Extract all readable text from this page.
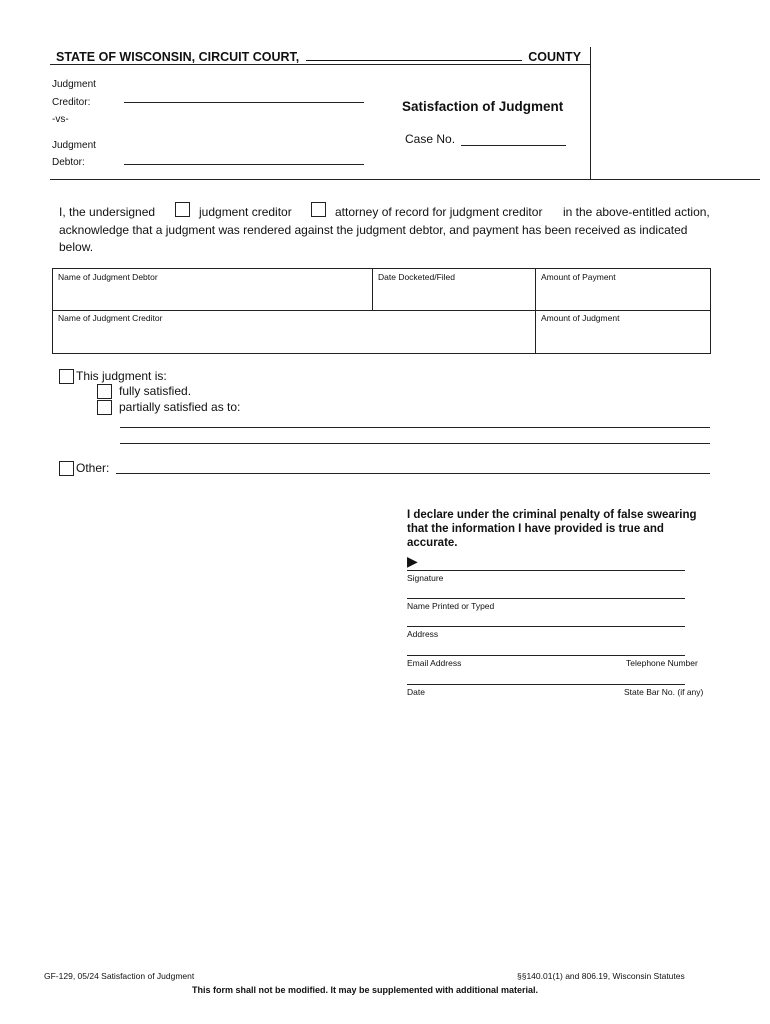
STATE OF WISCONSIN, CIRCUIT COURT,	COUNTY
Judgment
Creditor:
-vs-
Judgment
Debtor:
Satisfaction of Judgment
Case No.
I, the undersigned	judgment creditor	attorney of record for judgment creditor in the above-entitled action,
acknowledge that a judgment was rendered against the judgment debtor, and payment has been received as indicated
below.
Name of Judgment Debtor	Date Docketed/Filed	Amount of Payment
Name of Judgment Creditor	Amount of Judgment
This judgment is:
fully satisfied.
partially satisfied as to:
Other:
I declare under the criminal penalty of false swearing
that the information I have provided is true and
accurate.
▶
Signature
Name Printed or Typed
Address
Email Address	Telephone Number
Date	State Bar No. (if any)
GF-129, 05/24 Satisfaction of Judgment	§§140.01(1) and 806.19, Wisconsin Statutes
This form shall not be modified. It may be supplemented with additional material.
